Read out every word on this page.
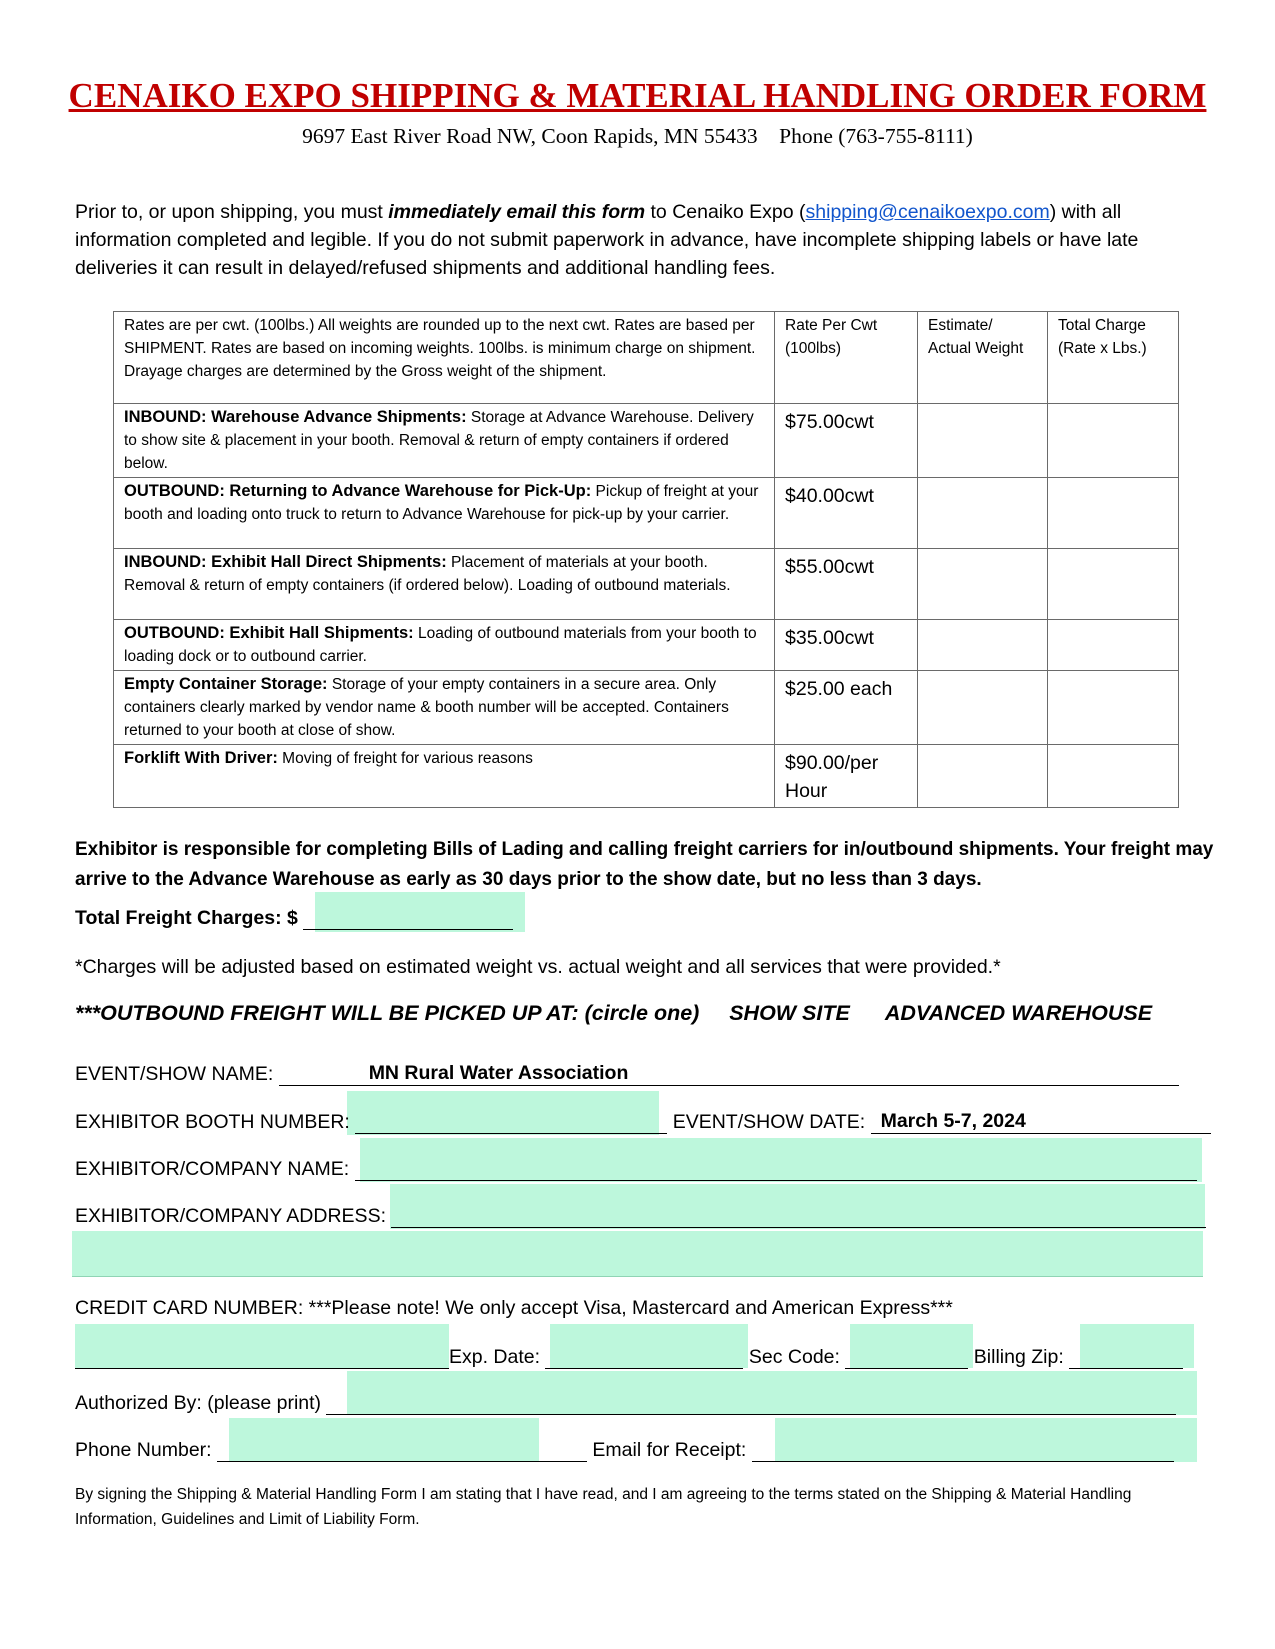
CENAIKO EXPO SHIPPING & MATERIAL HANDLING ORDER FORM
9697 East River Road NW, Coon Rapids, MN 55433    Phone (763-755-8111)
Prior to, or upon shipping, you must immediately email this form to Cenaiko Expo (shipping@cenaikoexpo.com) with all information completed and legible. If you do not submit paperwork in advance, have incomplete shipping labels or have late deliveries it can result in delayed/refused shipments and additional handling fees.
Rates are per cwt. (100lbs.) All weights are rounded up to the next cwt. Rates are based per SHIPMENT. Rates are based on incoming weights. 100lbs. is minimum charge on shipment. Drayage charges are determined by the Gross weight of the shipment.	Rate Per Cwt (100lbs)	Estimate/ Actual Weight	Total Charge (Rate x Lbs.)
INBOUND: Warehouse Advance Shipments: Storage at Advance Warehouse. Delivery to show site & placement in your booth. Removal & return of empty containers if ordered below.	$75.00cwt	

OUTBOUND: Returning to Advance Warehouse for Pick-Up: Pickup of freight at your booth and loading onto truck to return to Advance Warehouse for pick-up by your carrier.	$40.00cwt	

INBOUND: Exhibit Hall Direct Shipments: Placement of materials at your booth. Removal & return of empty containers (if ordered below). Loading of outbound materials.	$55.00cwt	

OUTBOUND: Exhibit Hall Shipments: Loading of outbound materials from your booth to loading dock or to outbound carrier.	$35.00cwt	

Empty Container Storage: Storage of your empty containers in a secure area. Only containers clearly marked by vendor name & booth number will be accepted. Containers returned to your booth at close of show.	$25.00 each	

Forklift With Driver: Moving of freight for various reasons	$90.00/per Hour	

Exhibitor is responsible for completing Bills of Lading and calling freight carriers for in/outbound shipments. Your freight may arrive to the Advance Warehouse as early as 30 days prior to the show date, but no less than 3 days.
Total Freight Charges: $
*Charges will be adjusted based on estimated weight vs. actual weight and all services that were provided.*
***OUTBOUND FREIGHT WILL BE PICKED UP AT: (circle one)     SHOW SITE      ADVANCED WAREHOUSE
EVENT/SHOW NAME:	MN Rural Water Association
EXHIBITOR BOOTH NUMBER:	EVENT/SHOW DATE: March 5-7, 2024
EXHIBITOR/COMPANY NAME:
EXHIBITOR/COMPANY ADDRESS:
CREDIT CARD NUMBER: ***Please note! We only accept Visa, Mastercard and American Express***
Exp. Date:	Sec Code:	Billing Zip:
Authorized By: (please print)
Phone Number:	Email for Receipt:
By signing the Shipping & Material Handling Form I am stating that I have read, and I am agreeing to the terms stated on the Shipping & Material Handling Information, Guidelines and Limit of Liability Form.
